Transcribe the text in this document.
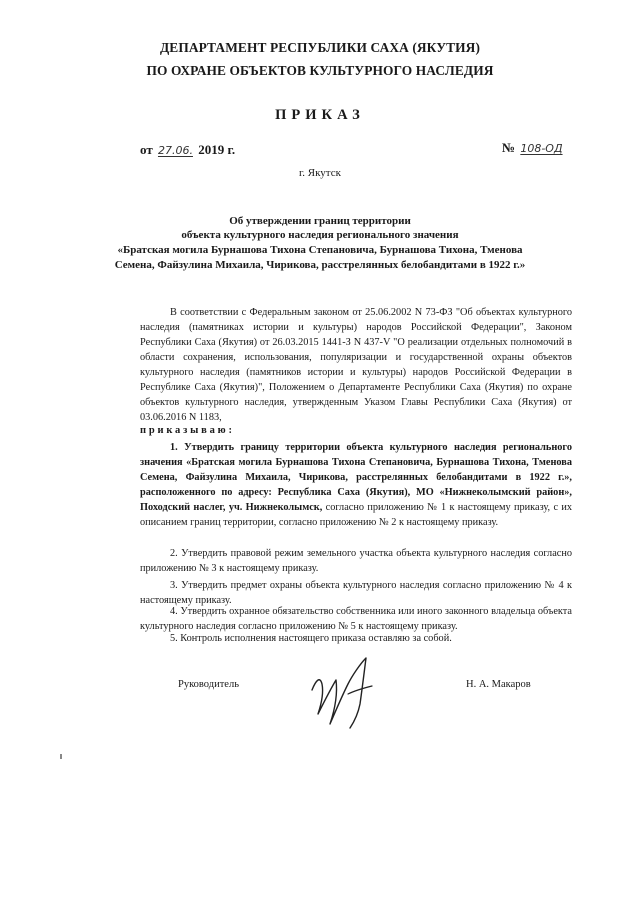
ДЕПАРТАМЕНТ РЕСПУБЛИКИ САХА (ЯКУТИЯ)
ПО ОХРАНЕ ОБЪЕКТОВ КУЛЬТУРНОГО НАСЛЕДИЯ
ПРИКАЗ
от 27.06. 2019 г.	№ 108-ОД
г. Якутск
Об утверждении границ территории
объекта культурного наследия регионального значения
«Братская могила Бурнашова Тихона Степановича, Бурнашова Тихона, Тменова
Семена, Файзулина Михаила, Чирикова, расстрелянных белобандитами в 1922 г.»
В соответствии с Федеральным законом от 25.06.2002 N 73-ФЗ "Об объектах культурного наследия (памятниках истории и культуры) народов Российской Федерации", Законом Республики Саха (Якутия) от 26.03.2015 1441-З N 437-V "О реализации отдельных полномочий в области сохранения, использования, популяризации и государственной охраны объектов культурного наследия (памятников истории и культуры) народов Российской Федерации в Республике Саха (Якутия)", Положением о Департаменте Республики Саха (Якутия) по охране объектов культурного наследия, утвержденным Указом Главы Республики Саха (Якутия) от 03.06.2016 N 1183,
приказываю:
1. Утвердить границу территории объекта культурного наследия регионального значения «Братская могила Бурнашова Тихона Степановича, Бурнашова Тихона, Тменова Семена, Файзулина Михаила, Чирикова, расстрелянных белобандитами в 1922 г.», расположенного по адресу: Республика Саха (Якутия), МО «Нижнеколымский район», Походский наслег, уч. Нижнеколымск, согласно приложению № 1 к настоящему приказу, с их описанием границ территории, согласно приложению № 2 к настоящему приказу.
2. Утвердить правовой режим земельного участка объекта культурного наследия согласно приложению № 3 к настоящему приказу.
3. Утвердить предмет охраны объекта культурного наследия согласно приложению № 4 к настоящему приказу.
4. Утвердить охранное обязательство собственника или иного законного владельца объекта культурного наследия согласно приложению № 5 к настоящему приказу.
5. Контроль исполнения настоящего приказа оставляю за собой.
Руководитель	Н. А. Макаров
